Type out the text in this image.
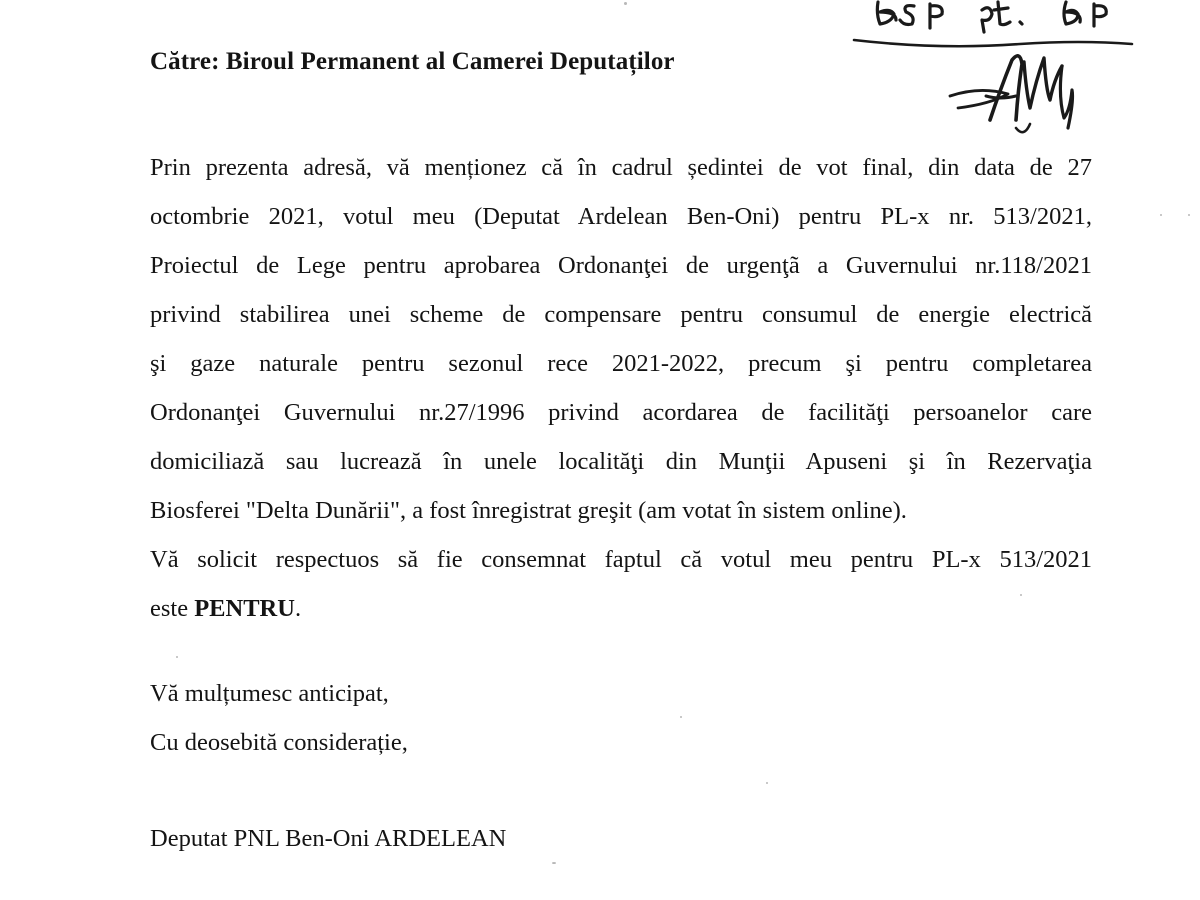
Către: Biroul Permanent al Camerei Deputaților
Prin prezenta adresă, vă menționez că în cadrul ședintei de vot final, din data de 27
octombrie 2021, votul meu (Deputat Ardelean Ben-Oni) pentru PL-x nr. 513/2021,
Proiectul de Lege pentru aprobarea Ordonanţei de urgenţã a Guvernului nr.118/2021
privind stabilirea unei scheme de compensare pentru consumul de energie electrică
şi gaze naturale pentru sezonul rece 2021-2022, precum şi pentru completarea
Ordonanţei Guvernului nr.27/1996 privind acordarea de facilităţi persoanelor care
domiciliază sau lucrează în unele localităţi din Munţii Apuseni şi în Rezervaţia
Biosferei "Delta Dunării", a fost înregistrat greşit (am votat în sistem online).
Vă solicit respectuos să fie consemnat faptul că votul meu pentru PL-x 513/2021
este PENTRU.
Vă mulțumesc anticipat,
Cu deosebită considerație,
Deputat PNL Ben-Oni ARDELEAN
